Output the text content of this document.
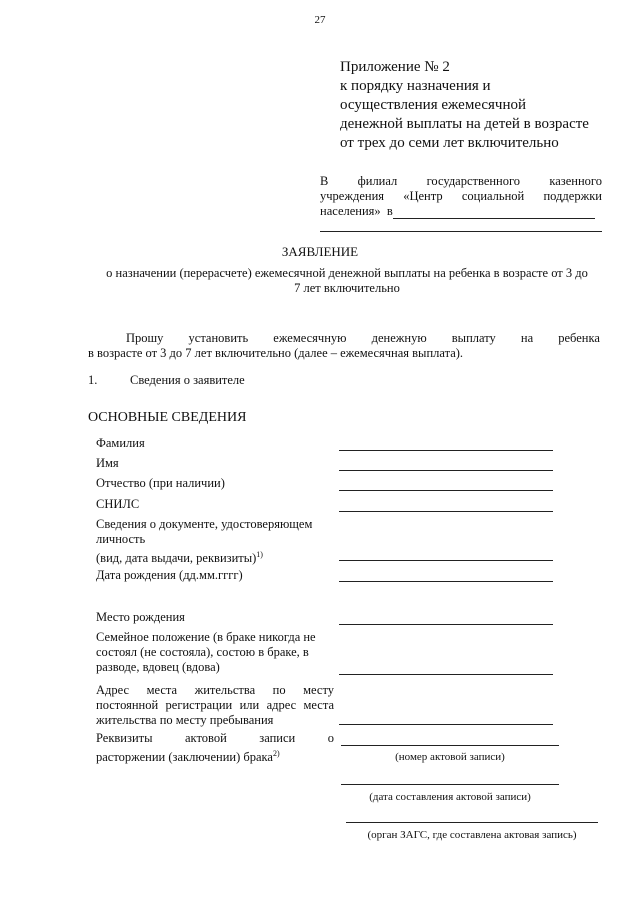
27
Приложение № 2
к порядку назначения и
осуществления ежемесячной
денежной выплаты на детей в возрасте
от трех до семи лет включительно
В филиал государственного казенного
учреждения «Центр социальной поддержки
населения» в
ЗАЯВЛЕНИЕ
о назначении (перерасчете) ежемесячной денежной выплаты на ребенка в возрасте от 3 до
7 лет включительно
Прошу установить ежемесячную денежную выплату на ребенка
в возрасте от 3 до 7 лет включительно (далее – ежемесячная выплата).
1.	Сведения о заявителе
ОСНОВНЫЕ СВЕДЕНИЯ
Фамилия
Имя
Отчество (при наличии)
СНИЛС
Сведения о документе, удостоверяющем
личность
(вид, дата выдачи, реквизиты)$^{1)}$
Дата рождения (дд.мм.гггг)
Место рождения
Семейное положение (в браке никогда не
состоял (не состояла), состою в браке, в
разводе, вдовец (вдова)
Адрес места жительства по месту
постоянной регистрации или адрес места
жительства по месту пребывания
Реквизиты актовой записи о
расторжении (заключении) брака$^{2)}$	(номер актовой записи)
(дата составления актовой записи)
(орган ЗАГС, где составлена актовая запись)
